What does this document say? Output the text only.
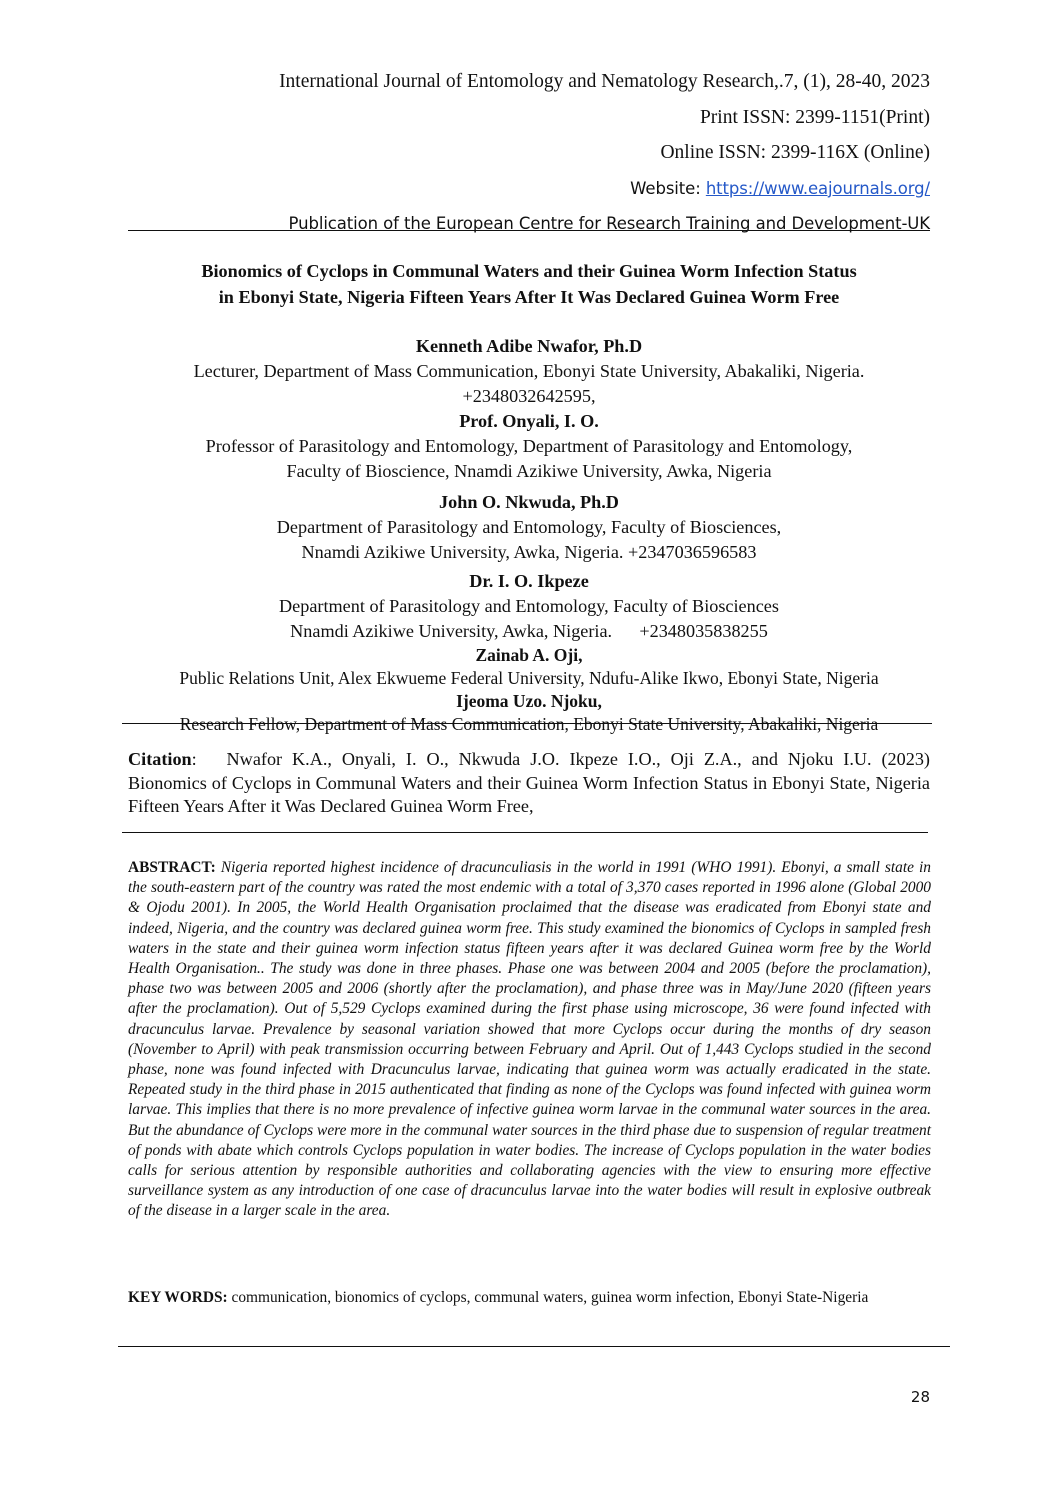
International Journal of Entomology and Nematology Research,.7, (1), 28-40, 2023
Print ISSN: 2399-1151(Print)
Online ISSN: 2399-116X (Online)
Website: https://www.eajournals.org/
Publication of the European Centre for Research Training and Development-UK
Bionomics of Cyclops in Communal Waters and their Guinea Worm Infection Status
in Ebonyi State, Nigeria Fifteen Years After It Was Declared Guinea Worm Free
Kenneth Adibe Nwafor, Ph.D
Lecturer, Department of Mass Communication, Ebonyi State University, Abakaliki, Nigeria.
+2348032642595,
Prof. Onyali, I. O.
Professor of Parasitology and Entomology, Department of Parasitology and Entomology,
Faculty of Bioscience, Nnamdi Azikiwe University, Awka, Nigeria
John O. Nkwuda, Ph.D
Department of Parasitology and Entomology, Faculty of Biosciences,
Nnamdi Azikiwe University, Awka, Nigeria. +2347036596583
Dr. I. O. Ikpeze
Department of Parasitology and Entomology, Faculty of Biosciences
Nnamdi Azikiwe University, Awka, Nigeria.      +2348035838255
Zainab A. Oji,
Public Relations Unit, Alex Ekwueme Federal University, Ndufu-Alike Ikwo, Ebonyi State, Nigeria
Ijeoma Uzo. Njoku,
Research Fellow, Department of Mass Communication, Ebonyi State University, Abakaliki, Nigeria
Citation:   Nwafor K.A., Onyali, I. O., Nkwuda J.O. Ikpeze I.O., Oji Z.A., and Njoku I.U. (2023)   Bionomics of Cyclops in Communal Waters and their Guinea Worm Infection Status in Ebonyi State, Nigeria Fifteen Years After it Was Declared Guinea Worm Free,
ABSTRACT: Nigeria reported highest incidence of dracunculiasis in the world in 1991 (WHO 1991). Ebonyi, a small state in the south-eastern part of the country was rated the most endemic with a total of 3,370 cases reported in 1996 alone (Global 2000 & Ojodu 2001). In 2005, the World Health Organisation proclaimed that the disease was eradicated from Ebonyi state and indeed, Nigeria, and the country was declared guinea worm free. This study examined the bionomics of Cyclops in sampled fresh waters in the state and their guinea worm infection status fifteen years after it was declared Guinea worm free by the World Health Organisation.. The study was done in three phases. Phase one was between 2004 and 2005 (before the proclamation), phase two was between 2005 and 2006 (shortly after the proclamation), and phase three was in May/June 2020 (fifteen years after the proclamation). Out of 5,529 Cyclops examined during the first phase using microscope, 36 were found infected with dracunculus larvae. Prevalence by seasonal variation showed that more Cyclops occur during the months of dry season (November to April) with peak transmission occurring between February and April. Out of 1,443 Cyclops studied in the second phase, none was found infected with Dracunculus larvae, indicating that guinea worm was actually eradicated in the state. Repeated study in the third phase in 2015 authenticated that finding as none of the Cyclops was found infected with guinea worm larvae. This implies that there is no more prevalence of infective guinea worm larvae in the communal water sources in the area. But the abundance of Cyclops were more in the communal water sources in the third phase due to suspension of regular treatment of ponds with abate which controls Cyclops population in water bodies. The increase of Cyclops population in the water bodies calls for serious attention by responsible authorities and collaborating agencies with the view to ensuring more effective surveillance system as any introduction of one case of dracunculus larvae into the water bodies will result in explosive outbreak of the disease in a larger scale in the area.
KEY WORDS: communication, bionomics of cyclops, communal waters, guinea worm infection, Ebonyi State-Nigeria
28
